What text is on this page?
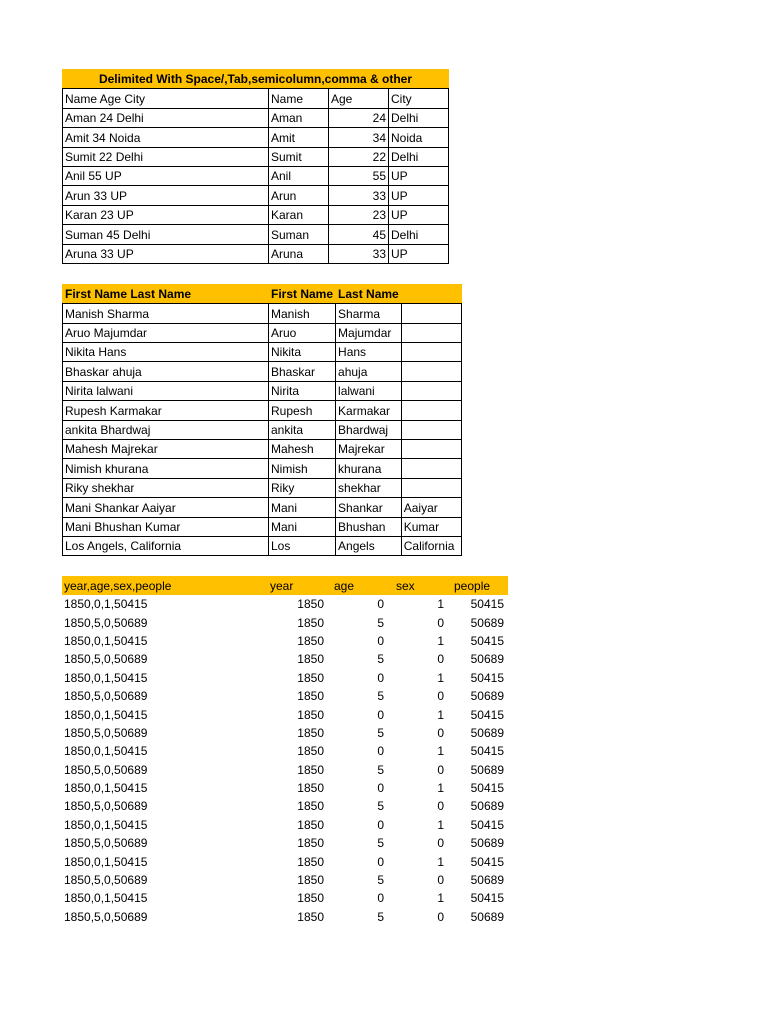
Delimited With Space/,Tab,semicolumn,comma & other			
Name Age City	Name	Age	City
Aman 24 Delhi	Aman	24	Delhi
Amit 34 Noida	Amit	34	Noida
Sumit 22 Delhi	Sumit	22	Delhi
Anil 55 UP	Anil	55	UP
Arun 33 UP	Arun	33	UP
Karan 23 UP	Karan	23	UP
Suman 45 Delhi	Suman	45	Delhi
Aruna 33 UP	Aruna	33	UP
First Name Last Name	First Name	Last Name	
Manish Sharma	Manish	Sharma	
Aruo Majumdar	Aruo	Majumdar	
Nikita Hans	Nikita	Hans	
Bhaskar ahuja	Bhaskar	ahuja	
Nirita lalwani	Nirita	lalwani	
Rupesh Karmakar	Rupesh	Karmakar	
ankita Bhardwaj	ankita	Bhardwaj	
Mahesh Majrekar	Mahesh	Majrekar	
Nimish khurana	Nimish	khurana	
Riky shekhar	Riky	shekhar	
Mani Shankar Aaiyar	Mani	Shankar	Aaiyar
Mani Bhushan Kumar	Mani	Bhushan	Kumar
Los Angels, California	Los	Angels	California
year,age,sex,people	year	age	sex	people
1850,0,1,50415	1850	0	1	50415
1850,5,0,50689	1850	5	0	50689
1850,0,1,50415	1850	0	1	50415
1850,5,0,50689	1850	5	0	50689
1850,0,1,50415	1850	0	1	50415
1850,5,0,50689	1850	5	0	50689
1850,0,1,50415	1850	0	1	50415
1850,5,0,50689	1850	5	0	50689
1850,0,1,50415	1850	0	1	50415
1850,5,0,50689	1850	5	0	50689
1850,0,1,50415	1850	0	1	50415
1850,5,0,50689	1850	5	0	50689
1850,0,1,50415	1850	0	1	50415
1850,5,0,50689	1850	5	0	50689
1850,0,1,50415	1850	0	1	50415
1850,5,0,50689	1850	5	0	50689
1850,0,1,50415	1850	0	1	50415
1850,5,0,50689	1850	5	0	50689
